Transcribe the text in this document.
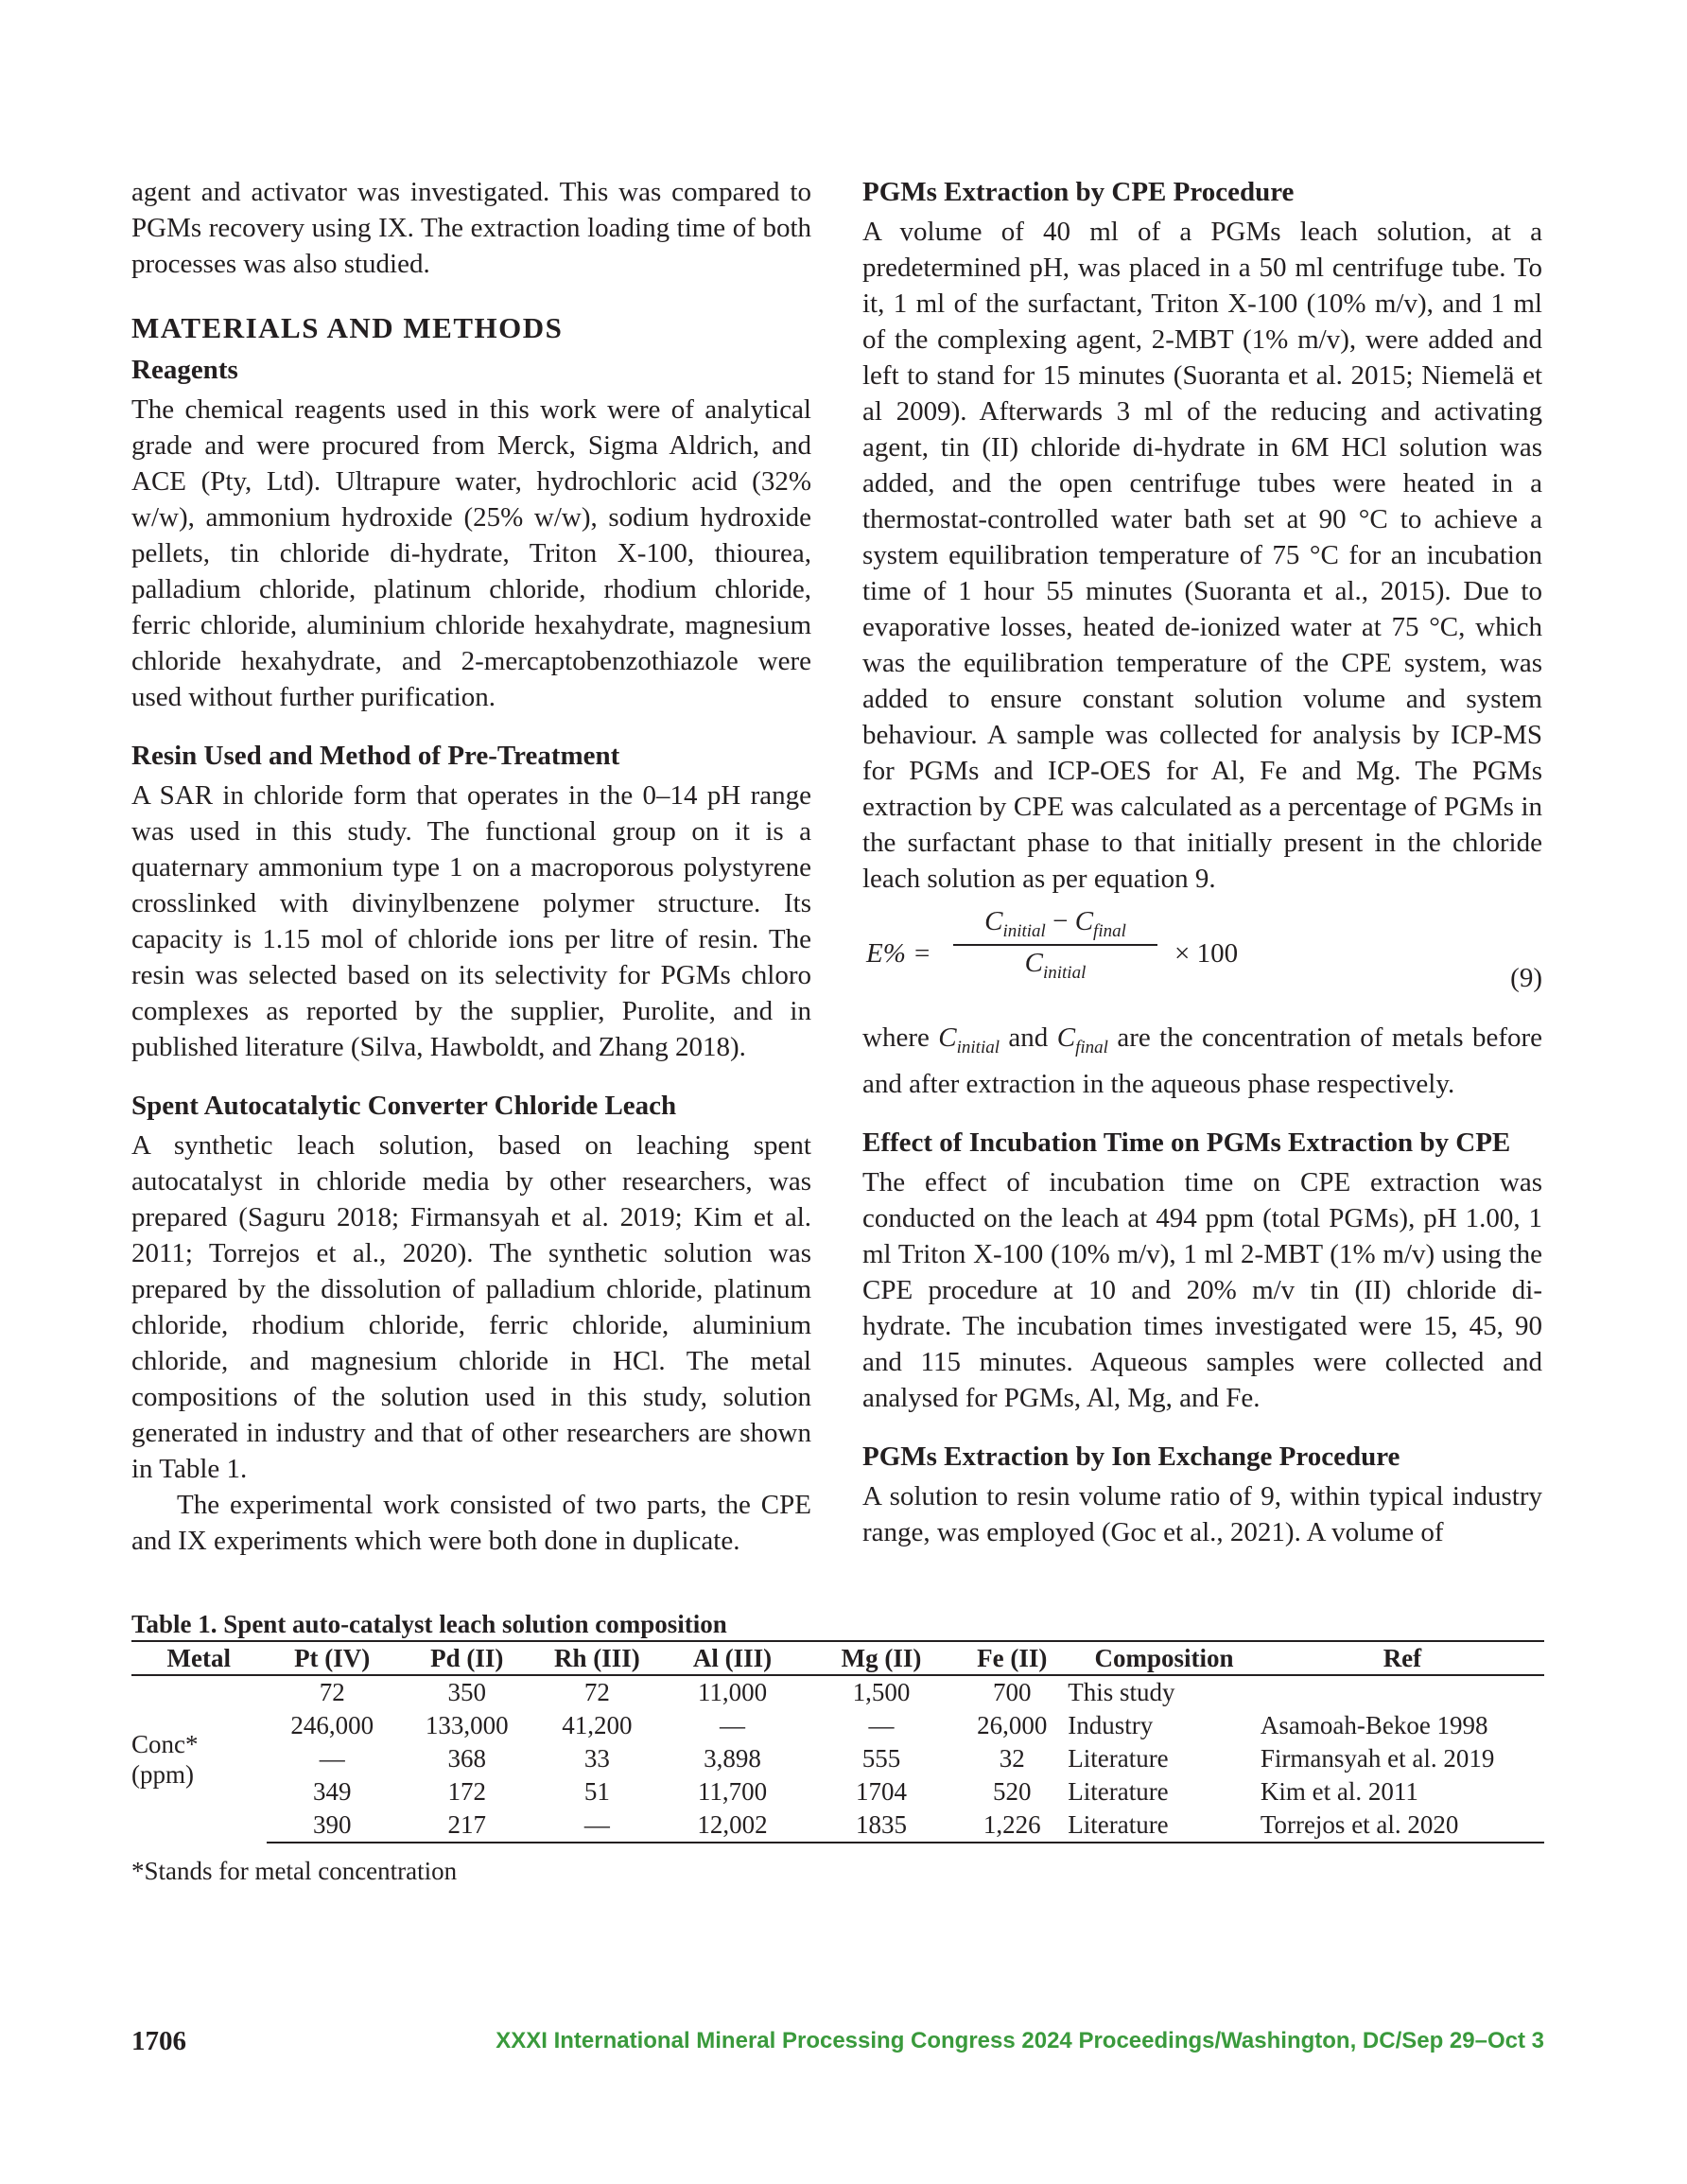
agent and activator was investigated. This was compared to PGMs recovery using IX. The extraction loading time of both processes was also studied.

MATERIALS AND METHODS
Reagents

The chemical reagents used in this work were of analytical grade and were procured from Merck, Sigma Aldrich, and ACE (Pty, Ltd). Ultrapure water, hydrochloric acid (32% w/w), ammonium hydroxide (25% w/w), sodium hydroxide pellets, tin chloride di-hydrate, Triton X-100, thiourea, palladium chloride, platinum chloride, rhodium chloride, ferric chloride, aluminium chloride hexahydrate, magnesium chloride hexahydrate, and 2-mercaptobenzothiazole were used without further purification.

Resin Used and Method of Pre-Treatment

A SAR in chloride form that operates in the 0–14 pH range was used in this study. The functional group on it is a quaternary ammonium type 1 on a macroporous polystyrene crosslinked with divinylbenzene polymer structure. Its capacity is 1.15 mol of chloride ions per litre of resin. The resin was selected based on its selectivity for PGMs chloro complexes as reported by the supplier, Purolite, and in published literature (Silva, Hawboldt, and Zhang 2018).

Spent Autocatalytic Converter Chloride Leach

A synthetic leach solution, based on leaching spent autocatalyst in chloride media by other researchers, was prepared (Saguru 2018; Firmansyah et al. 2019; Kim et al. 2011; Torrejos et al., 2020). The synthetic solution was prepared by the dissolution of palladium chloride, platinum chloride, rhodium chloride, ferric chloride, aluminium chloride, and magnesium chloride in HCl. The metal compositions of the solution used in this study, solution generated in industry and that of other researchers are shown in Table 1.

The experimental work consisted of two parts, the CPE and IX experiments which were both done in duplicate.

PGMs Extraction by CPE Procedure

A volume of 40 ml of a PGMs leach solution, at a predetermined pH, was placed in a 50 ml centrifuge tube. To it, 1 ml of the surfactant, Triton X-100 (10% m/v), and 1 ml of the complexing agent, 2-MBT (1% m/v), were added and left to stand for 15 minutes (Suoranta et al. 2015; Niemelä et al 2009). Afterwards 3 ml of the reducing and activating agent, tin (II) chloride di-hydrate in 6M HCl solution was added, and the open centrifuge tubes were heated in a thermostat-controlled water bath set at 90 °C to achieve a system equilibration temperature of 75 °C for an incubation time of 1 hour 55 minutes (Suoranta et al., 2015). Due to evaporative losses, heated de-ionized water at 75 °C, which was the equilibration temperature of the CPE system, was added to ensure constant solution volume and system behaviour. A sample was collected for analysis by ICP-MS for PGMs and ICP-OES for Al, Fe and Mg. The PGMs extraction by CPE was calculated as a percentage of PGMs in the surfactant phase to that initially present in the chloride leach solution as per equation 9.

E% =
$C_{initial} - C_{final}$
$C_{initial}$
× 100
(9)

where $C_{initial}$ and $C_{final}$ are the concentration of metals before and after extraction in the aqueous phase respectively.

Effect of Incubation Time on PGMs Extraction by CPE

The effect of incubation time on CPE extraction was conducted on the leach at 494 ppm (total PGMs), pH 1.00, 1 ml Triton X-100 (10% m/v), 1 ml 2-MBT (1% m/v) using the CPE procedure at 10 and 20% m/v tin (II) chloride di-hydrate. The incubation times investigated were 15, 45, 90 and 115 minutes. Aqueous samples were collected and analysed for PGMs, Al, Mg, and Fe.

PGMs Extraction by Ion Exchange Procedure

A solution to resin volume ratio of 9, within typical industry range, was employed (Goc et al., 2021). A volume of

Table 1. Spent auto-catalyst leach solution composition
Metal	Pt (IV)	Pd (II)	Rh (III)	Al (III)	Mg (II)	Fe (II)	Composition	Ref
Conc*
(ppm)	72	350	72	11,000	1,500	700	This study	
	246,000	133,000	41,200	—	—	26,000	Industry	Asamoah-Bekoe 1998
	—	368	33	3,898	555	32	Literature	Firmansyah et al. 2019
	349	172	51	11,700	1704	520	Literature	Kim et al. 2011
	390	217	—	12,002	1835	1,226	Literature	Torrejos et al. 2020
*Stands for metal concentration
1706	XXXI International Mineral Processing Congress 2024 Proceedings/Washington, DC/Sep 29–Oct 3
